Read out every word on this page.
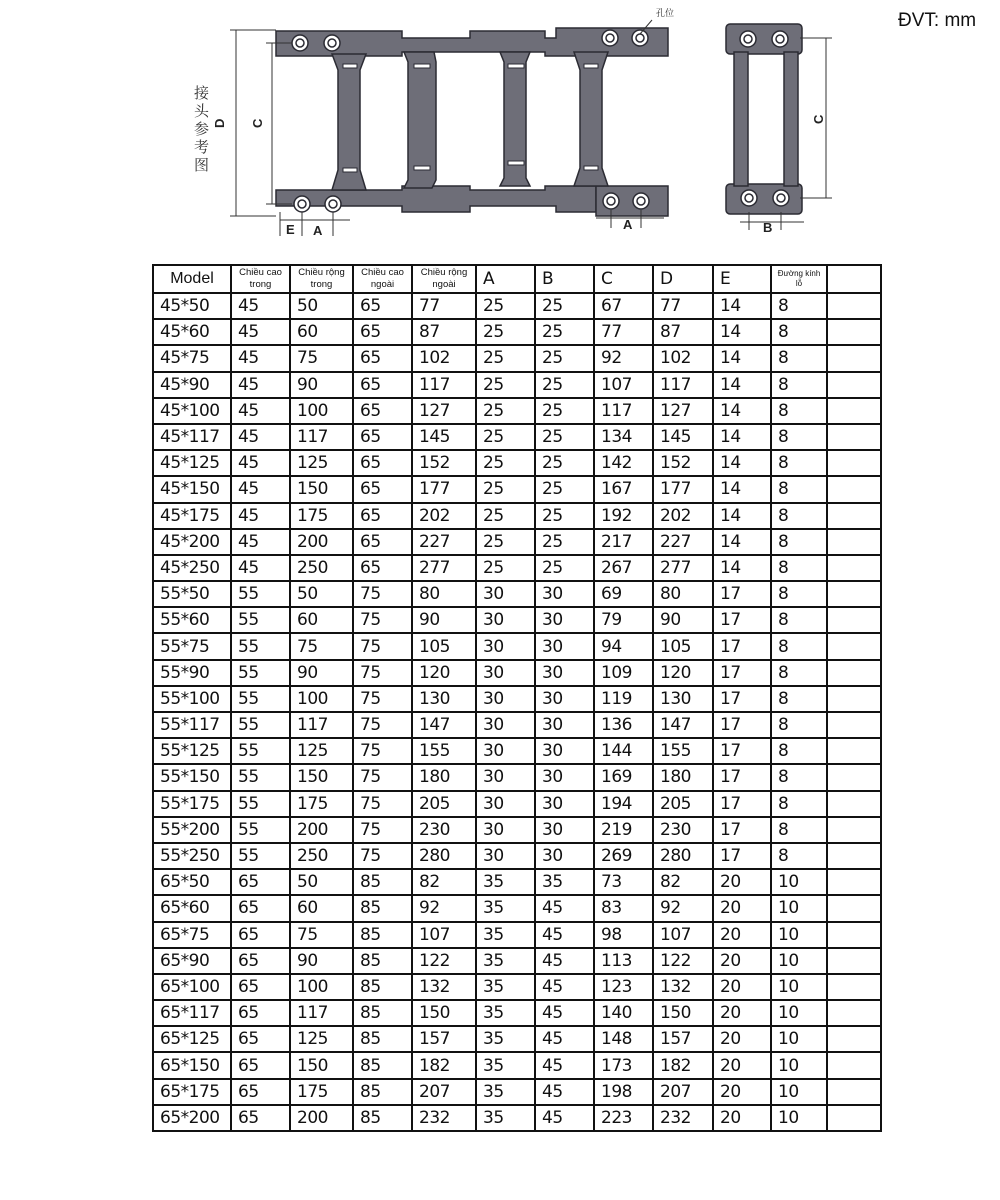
ĐVT: mm
D C
E A	A
孔位
接
头
参
考
图
C
B
Model	Chiều cao trong	Chiều rộng trong	Chiều cao ngoài	Chiều rộng ngoài	A	B	C	D	E	Đường kính lỗ	
45*50	45	50	65	77	25	25	67	77	14	8	
45*60	45	60	65	87	25	25	77	87	14	8	
45*75	45	75	65	102	25	25	92	102	14	8	
45*90	45	90	65	117	25	25	107	117	14	8	
45*100	45	100	65	127	25	25	117	127	14	8	
45*117	45	117	65	145	25	25	134	145	14	8	
45*125	45	125	65	152	25	25	142	152	14	8	
45*150	45	150	65	177	25	25	167	177	14	8	
45*175	45	175	65	202	25	25	192	202	14	8	
45*200	45	200	65	227	25	25	217	227	14	8	
45*250	45	250	65	277	25	25	267	277	14	8	
55*50	55	50	75	80	30	30	69	80	17	8	
55*60	55	60	75	90	30	30	79	90	17	8	
55*75	55	75	75	105	30	30	94	105	17	8	
55*90	55	90	75	120	30	30	109	120	17	8	
55*100	55	100	75	130	30	30	119	130	17	8	
55*117	55	117	75	147	30	30	136	147	17	8	
55*125	55	125	75	155	30	30	144	155	17	8	
55*150	55	150	75	180	30	30	169	180	17	8	
55*175	55	175	75	205	30	30	194	205	17	8	
55*200	55	200	75	230	30	30	219	230	17	8	
55*250	55	250	75	280	30	30	269	280	17	8	
65*50	65	50	85	82	35	35	73	82	20	10	
65*60	65	60	85	92	35	45	83	92	20	10	
65*75	65	75	85	107	35	45	98	107	20	10	
65*90	65	90	85	122	35	45	113	122	20	10	
65*100	65	100	85	132	35	45	123	132	20	10	
65*117	65	117	85	150	35	45	140	150	20	10	
65*125	65	125	85	157	35	45	148	157	20	10	
65*150	65	150	85	182	35	45	173	182	20	10	
65*175	65	175	85	207	35	45	198	207	20	10	
65*200	65	200	85	232	35	45	223	232	20	10	
